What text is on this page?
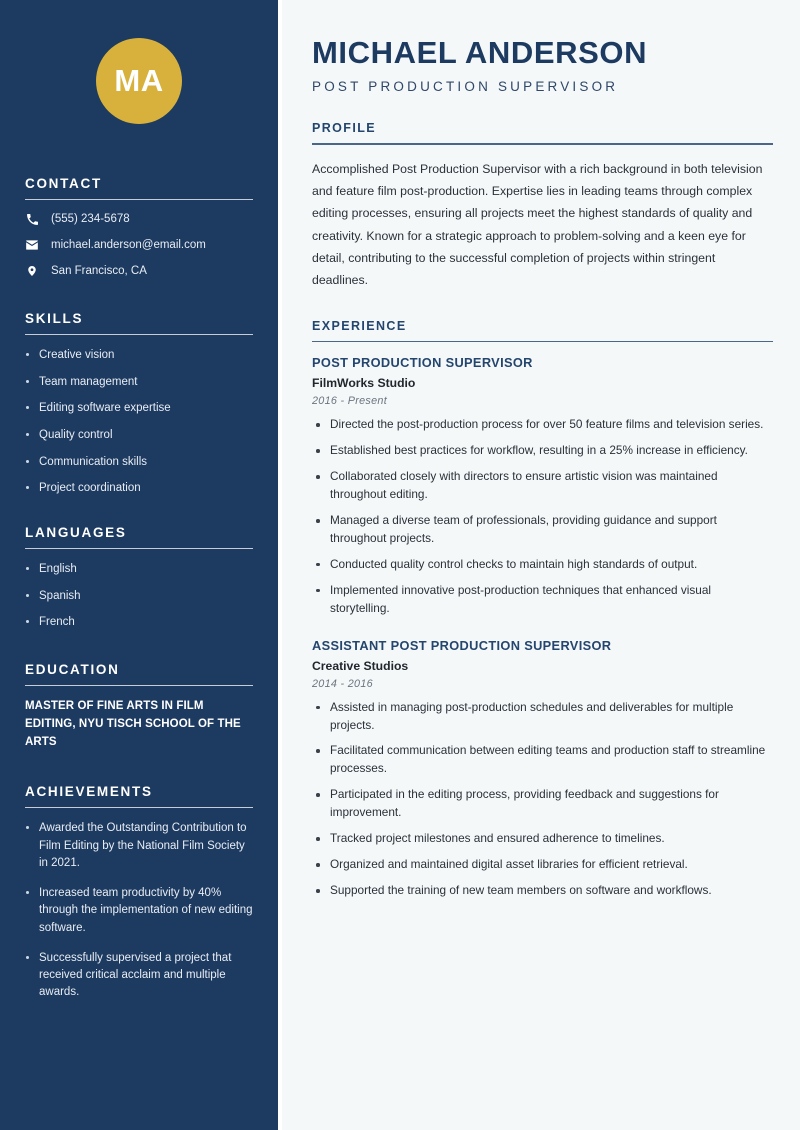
MA
CONTACT
(555) 234-5678
michael.anderson@email.com
San Francisco, CA
SKILLS
Creative vision
Team management
Editing software expertise
Quality control
Communication skills
Project coordination
LANGUAGES
English
Spanish
French
EDUCATION
MASTER OF FINE ARTS IN FILM EDITING, NYU TISCH SCHOOL OF THE ARTS
ACHIEVEMENTS
Awarded the Outstanding Contribution to Film Editing by the National Film Society in 2021.
Increased team productivity by 40% through the implementation of new editing software.
Successfully supervised a project that received critical acclaim and multiple awards.
MICHAEL ANDERSON
POST PRODUCTION SUPERVISOR
PROFILE

Accomplished Post Production Supervisor with a rich background in both television and feature film post-production. Expertise lies in leading teams through complex editing processes, ensuring all projects meet the highest standards of quality and creativity. Known for a strategic approach to problem-solving and a keen eye for detail, contributing to the successful completion of projects within stringent deadlines.

EXPERIENCE
POST PRODUCTION SUPERVISOR
FilmWorks Studio
2016 - Present
Directed the post-production process for over 50 feature films and television series.
Established best practices for workflow, resulting in a 25% increase in efficiency.
Collaborated closely with directors to ensure artistic vision was maintained throughout editing.
Managed a diverse team of professionals, providing guidance and support throughout projects.
Conducted quality control checks to maintain high standards of output.
Implemented innovative post-production techniques that enhanced visual storytelling.
ASSISTANT POST PRODUCTION SUPERVISOR
Creative Studios
2014 - 2016
Assisted in managing post-production schedules and deliverables for multiple projects.
Facilitated communication between editing teams and production staff to streamline processes.
Participated in the editing process, providing feedback and suggestions for improvement.
Tracked project milestones and ensured adherence to timelines.
Organized and maintained digital asset libraries for efficient retrieval.
Supported the training of new team members on software and workflows.
